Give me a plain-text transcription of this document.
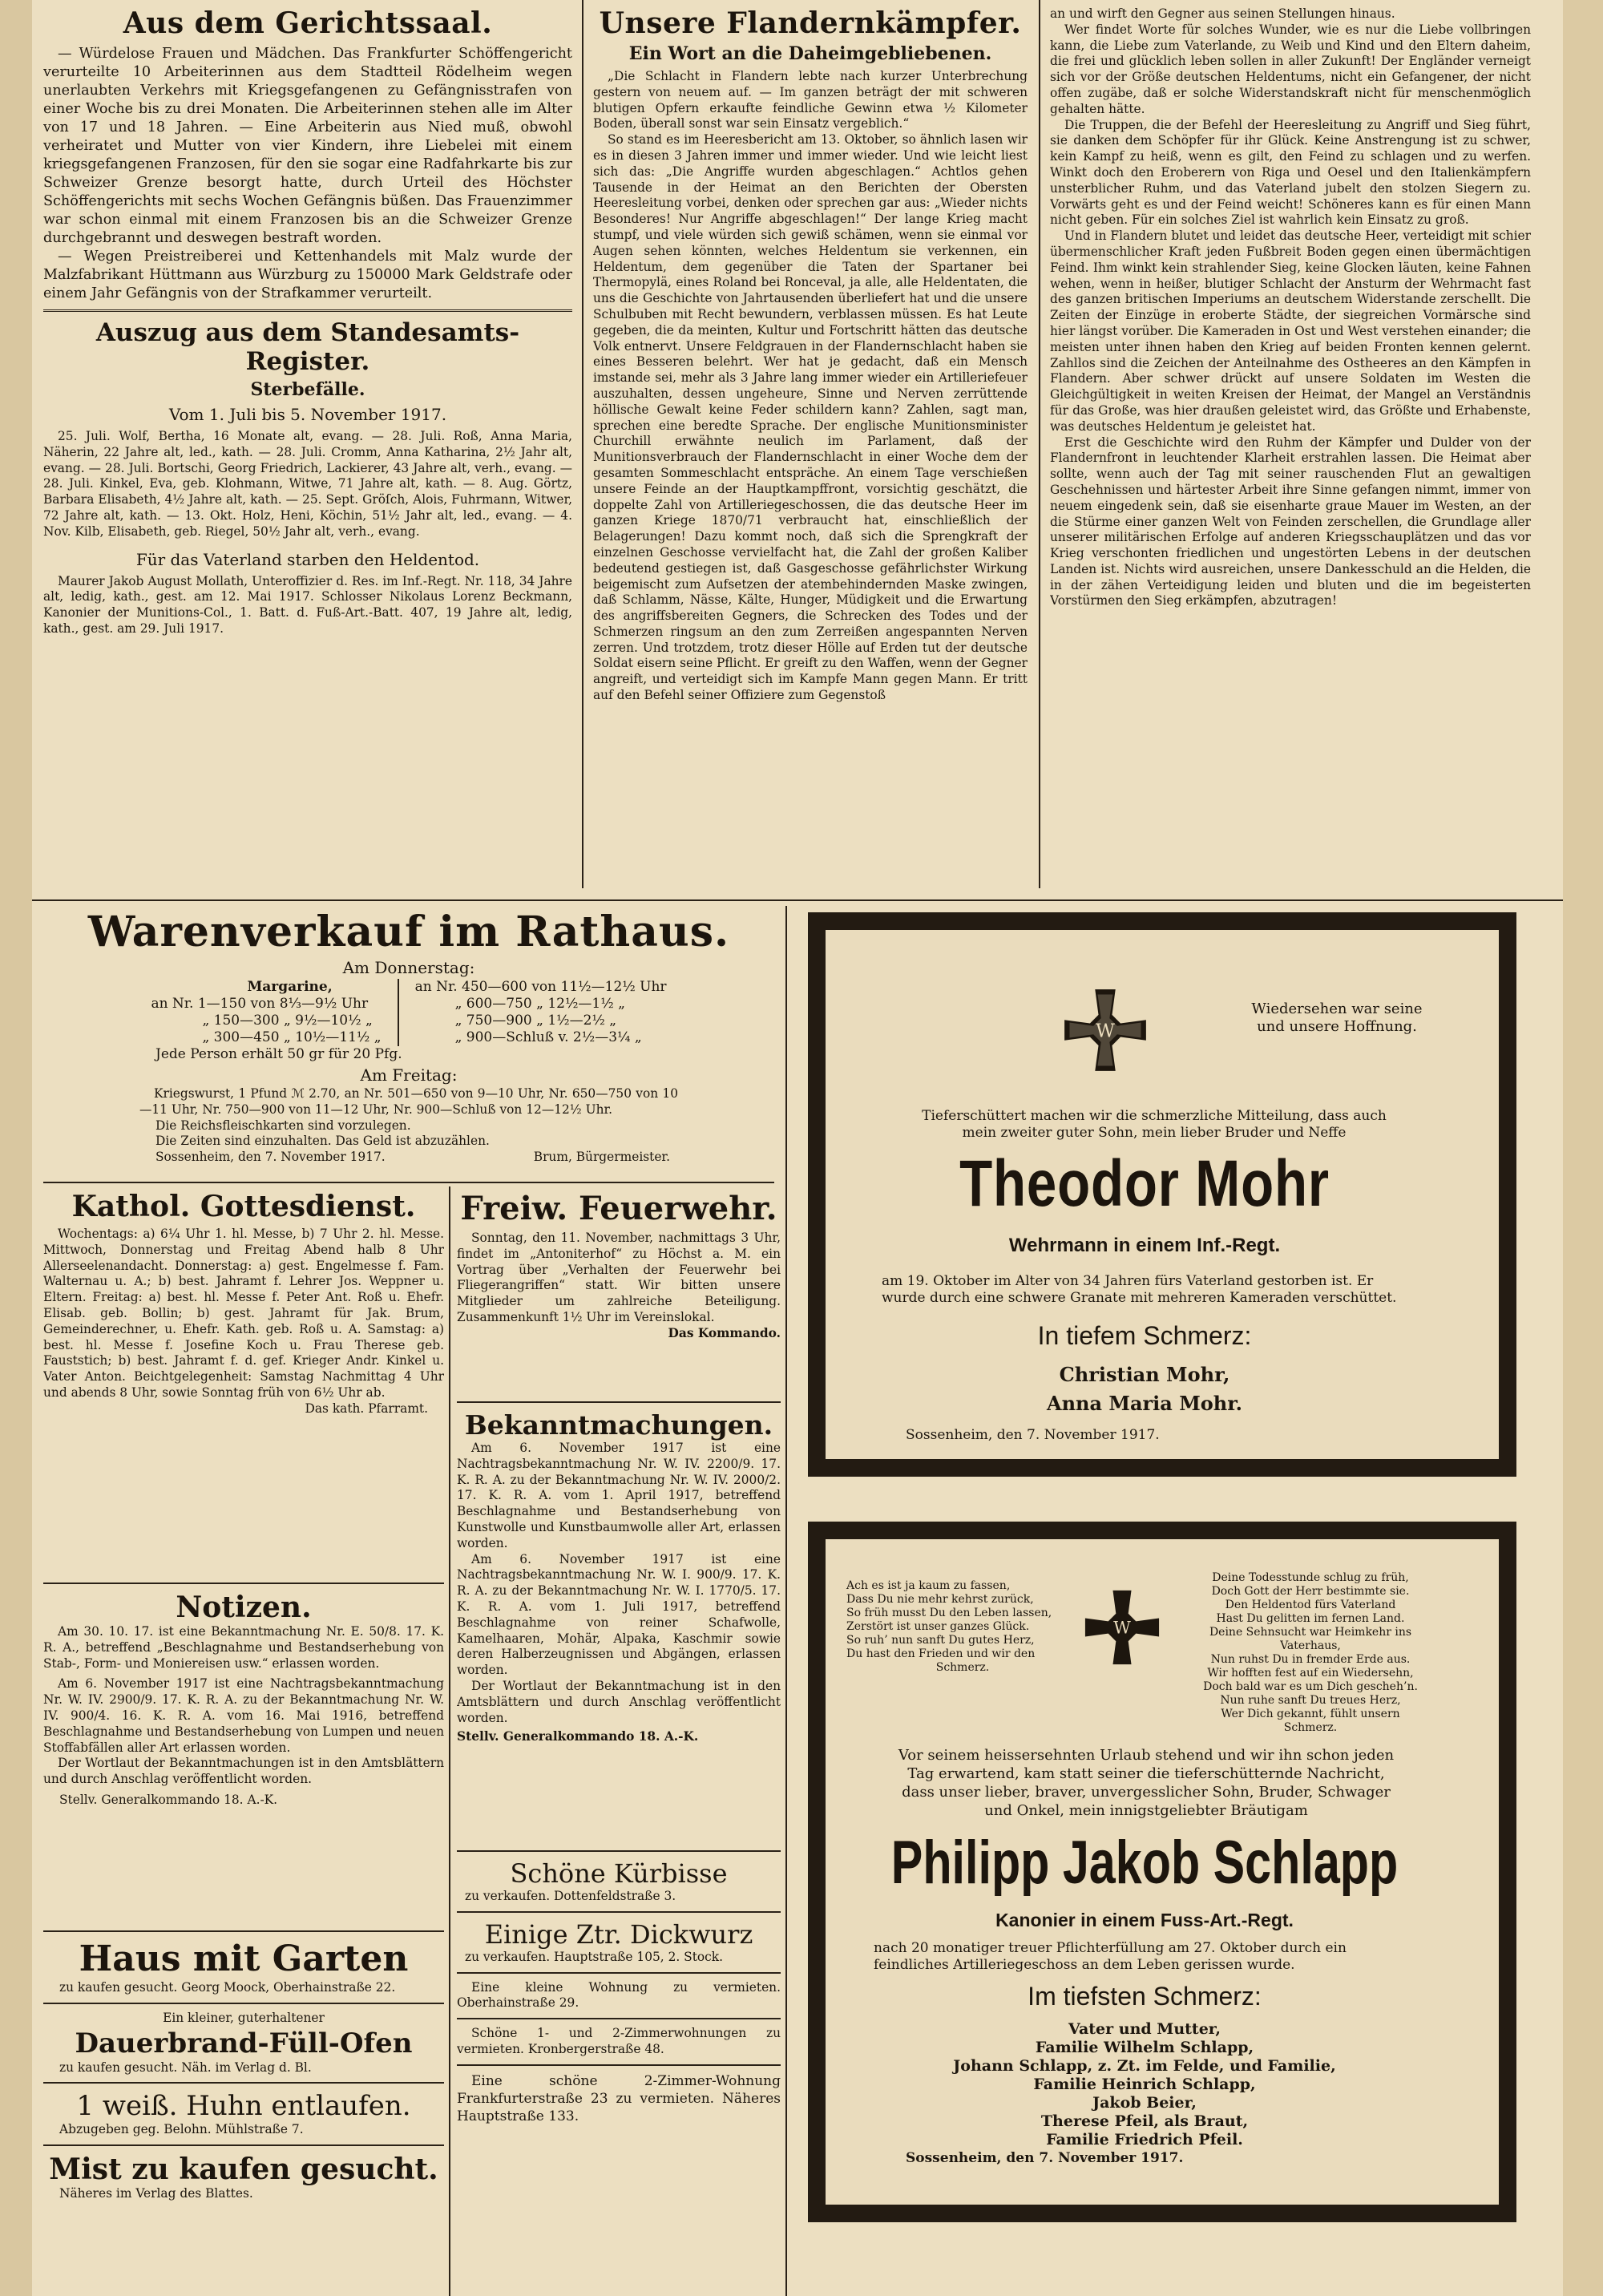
Aus dem Gerichtssaal.

— Würdelose Frauen und Mädchen. Das Frankfurter Schöffengericht verurteilte 10 Arbeiterinnen aus dem Stadtteil Rödelheim wegen unerlaubten Verkehrs mit Kriegsgefangenen zu Gefängnisstrafen von einer Woche bis zu drei Monaten. Die Arbeiterinnen stehen alle im Alter von 17 und 18 Jahren. — Eine Arbeiterin aus Nied muß, obwohl verheiratet und Mutter von vier Kindern, ihre Liebelei mit einem kriegsgefangenen Franzosen, für den sie sogar eine Radfahrkarte bis zur Schweizer Grenze besorgt hatte, durch Urteil des Höchster Schöffengerichts mit sechs Wochen Gefängnis büßen. Das Frauenzimmer war schon einmal mit einem Franzosen bis an die Schweizer Grenze durchgebrannt und deswegen bestraft worden.

— Wegen Preistreiberei und Kettenhandels mit Malz wurde der Malzfabrikant Hüttmann aus Würzburg zu 150000 Mark Geldstrafe oder einem Jahr Gefängnis von der Strafkammer verurteilt.

Auszug aus dem Standesamts-Register.
Sterbefälle.
Vom 1. Juli bis 5. November 1917.

25. Juli. Wolf, Bertha, 16 Monate alt, evang. — 28. Juli. Roß, Anna Maria, Näherin, 22 Jahre alt, led., kath. — 28. Juli. Cromm, Anna Katharina, 2½ Jahr alt, evang. — 28. Juli. Bortschi, Georg Friedrich, Lackierer, 43 Jahre alt, verh., evang. — 28. Juli. Kinkel, Eva, geb. Klohmann, Witwe, 71 Jahre alt, kath. — 8. Aug. Görtz, Barbara Elisabeth, 4½ Jahre alt, kath. — 25. Sept. Gröſch, Alois, Fuhrmann, Witwer, 72 Jahre alt, kath. — 13. Okt. Holz, Heni, Köchin, 51½ Jahr alt, led., evang. — 4. Nov. Kilb, Elisabeth, geb. Riegel, 50½ Jahr alt, verh., evang.

Für das Vaterland starben den Heldentod.

Maurer Jakob August Mollath, Unteroffizier d. Res. im Inf.-Regt. Nr. 118, 34 Jahre alt, ledig, kath., gest. am 12. Mai 1917. Schlosser Nikolaus Lorenz Beckmann, Kanonier der Munitions-Col., 1. Batt. d. Fuß-Art.-Batt. 407, 19 Jahre alt, ledig, kath., gest. am 29. Juli 1917.

Unsere Flandernkämpfer.
Ein Wort an die Daheimgebliebenen.

„Die Schlacht in Flandern lebte nach kurzer Unterbrechung gestern von neuem auf. — Im ganzen beträgt der mit schweren blutigen Opfern erkaufte feindliche Gewinn etwa ½ Kilometer Boden, überall sonst war sein Einsatz vergeblich.“

So stand es im Heeresbericht am 13. Oktober, so ähnlich lasen wir es in diesen 3 Jahren immer und immer wieder. Und wie leicht liest sich das: „Die Angriffe wurden abgeschlagen.“ Achtlos gehen Tausende in der Heimat an den Berichten der Obersten Heeresleitung vorbei, denken oder sprechen gar aus: „Wieder nichts Besonderes! Nur Angriffe abgeschlagen!“ Der lange Krieg macht stumpf, und viele würden sich gewiß schämen, wenn sie einmal vor Augen sehen könnten, welches Heldentum sie verkennen, ein Heldentum, dem gegenüber die Taten der Spartaner bei Thermopylä, eines Roland bei Ronceval, ja alle, alle Heldentaten, die uns die Geschichte von Jahrtausenden überliefert hat und die unsere Schulbuben mit Recht bewundern, verblassen müssen. Es hat Leute gegeben, die da meinten, Kultur und Fortschritt hätten das deutsche Volk entnervt. Unsere Feldgrauen in der Flandernschlacht haben sie eines Besseren belehrt. Wer hat je gedacht, daß ein Mensch imstande sei, mehr als 3 Jahre lang immer wieder ein Artilleriefeuer auszuhalten, dessen ungeheure, Sinne und Nerven zerrüttende höllische Gewalt keine Feder schildern kann? Zahlen, sagt man, sprechen eine beredte Sprache. Der englische Munitionsminister Churchill erwähnte neulich im Parlament, daß der Munitionsverbrauch der Flandernschlacht in einer Woche dem der gesamten Sommeschlacht entspräche. An einem Tage verschießen unsere Feinde an der Hauptkampffront, vorsichtig geschätzt, die doppelte Zahl von Artilleriegeschossen, die das deutsche Heer im ganzen Kriege 1870/71 verbraucht hat, einschließlich der Belagerungen! Dazu kommt noch, daß sich die Sprengkraft der einzelnen Geschosse vervielfacht hat, die Zahl der großen Kaliber bedeutend gestiegen ist, daß Gasgeschosse gefährlichster Wirkung beigemischt zum Aufsetzen der atembehindernden Maske zwingen, daß Schlamm, Nässe, Kälte, Hunger, Müdigkeit und die Erwartung des angriffsbereiten Gegners, die Schrecken des Todes und der Schmerzen ringsum an den zum Zerreißen angespannten Nerven zerren. Und trotzdem, trotz dieser Hölle auf Erden tut der deutsche Soldat eisern seine Pflicht. Er greift zu den Waffen, wenn der Gegner angreift, und verteidigt sich im Kampfe Mann gegen Mann. Er tritt auf den Befehl seiner Offiziere zum Gegenstoß

an und wirft den Gegner aus seinen Stellungen hinaus.

Wer findet Worte für solches Wunder, wie es nur die Liebe vollbringen kann, die Liebe zum Vaterlande, zu Weib und Kind und den Eltern daheim, die frei und glücklich leben sollen in aller Zukunft! Der Engländer verneigt sich vor der Größe deutschen Heldentums, nicht ein Gefangener, der nicht offen zugäbe, daß er solche Widerstandskraft nicht für menschenmöglich gehalten hätte.

Die Truppen, die der Befehl der Heeresleitung zu Angriff und Sieg führt, sie danken dem Schöpfer für ihr Glück. Keine Anstrengung ist zu schwer, kein Kampf zu heiß, wenn es gilt, den Feind zu schlagen und zu werfen. Winkt doch den Eroberern von Riga und Oesel und den Italienkämpfern unsterblicher Ruhm, und das Vaterland jubelt den stolzen Siegern zu. Vorwärts geht es und der Feind weicht! Schöneres kann es für einen Mann nicht geben. Für ein solches Ziel ist wahrlich kein Einsatz zu groß.

Und in Flandern blutet und leidet das deutsche Heer, verteidigt mit schier übermenschlicher Kraft jeden Fußbreit Boden gegen einen übermächtigen Feind. Ihm winkt kein strahlender Sieg, keine Glocken läuten, keine Fahnen wehen, wenn in heißer, blutiger Schlacht der Ansturm der Wehrmacht fast des ganzen britischen Imperiums an deutschem Widerstande zerschellt. Die Zeiten der Einzüge in eroberte Städte, der siegreichen Vormärsche sind hier längst vorüber. Die Kameraden in Ost und West verstehen einander; die meisten unter ihnen haben den Krieg auf beiden Fronten kennen gelernt. Zahllos sind die Zeichen der Anteilnahme des Ostheeres an den Kämpfen in Flandern. Aber schwer drückt auf unsere Soldaten im Westen die Gleichgültigkeit in weiten Kreisen der Heimat, der Mangel an Verständnis für das Große, was hier draußen geleistet wird, das Größte und Erhabenste, was deutsches Heldentum je geleistet hat.

Erst die Geschichte wird den Ruhm der Kämpfer und Dulder von der Flandernfront in leuchtender Klarheit erstrahlen lassen. Die Heimat aber sollte, wenn auch der Tag mit seiner rauschenden Flut an gewaltigen Geschehnissen und härtester Arbeit ihre Sinne gefangen nimmt, immer von neuem eingedenk sein, daß sie eisenharte graue Mauer im Westen, an der die Stürme einer ganzen Welt von Feinden zerschellen, die Grundlage aller unserer militärischen Erfolge auf anderen Kriegsschauplätzen und das vor Krieg verschonten friedlichen und ungestörten Lebens in der deutschen Landen ist. Nichts wird ausreichen, unsere Dankesschuld an die Helden, die in der zähen Verteidigung leiden und bluten und die im begeisterten Vorstürmen den Sieg erkämpfen, abzutragen!

Warenverkauf im Rathaus.
Am Donnerstag:
Margarine,
an Nr. 1—150 von 8⅓—9½ Uhr
„ 150—300 „ 9½—10½ „
„ 300—450 „ 10½—11½ „
an Nr. 450—600 von 11½—12½ Uhr
„ 600—750 „ 12½—1½ „
„ 750—900 „ 1½—2½ „
„ 900—Schluß v. 2½—3¼ „
Jede Person erhält 50 gr für 20 Pfg.
Am Freitag:

Kriegswurst, 1 Pfund ℳ 2.70, an Nr. 501—650 von 9—10 Uhr, Nr. 650—750 von 10—11 Uhr, Nr. 750—900 von 11—12 Uhr, Nr. 900—Schluß von 12—12½ Uhr.

Die Reichsfleischkarten sind vorzulegen.
Die Zeiten sind einzuhalten. Das Geld ist abzuzählen.
Sossenheim, den 7. November 1917.	Brum, Bürgermeister.
Kathol. Gottesdienst.

Wochentags: a) 6¼ Uhr 1. hl. Messe, b) 7 Uhr 2. hl. Messe. Mittwoch, Donnerstag und Freitag Abend halb 8 Uhr Allerseelenandacht. Donnerstag: a) gest. Engelmesse f. Fam. Walternau u. A.; b) best. Jahramt f. Lehrer Jos. Weppner u. Eltern. Freitag: a) best. hl. Messe f. Peter Ant. Roß u. Ehefr. Elisab. geb. Bollin; b) gest. Jahramt für Jak. Brum, Gemeinderechner, u. Ehefr. Kath. geb. Roß u. A. Samstag: a) best. hl. Messe f. Josefine Koch u. Frau Therese geb. Fauststich; b) best. Jahramt f. d. gef. Krieger Andr. Kinkel u. Vater Anton. Beichtgelegenheit: Samstag Nachmittag 4 Uhr und abends 8 Uhr, sowie Sonntag früh von 6½ Uhr ab.

Das kath. Pfarramt.
Notizen.

Am 30. 10. 17. ist eine Bekanntmachung Nr. E. 50/8. 17. K. R. A., betreffend „Beschlagnahme und Bestandserhebung von Stab-, Form- und Moniereisen usw.“ erlassen worden.

Am 6. November 1917 ist eine Nachtragsbekanntmachung Nr. W. IV. 2900/9. 17. K. R. A. zu der Bekanntmachung Nr. W. IV. 900/4. 16. K. R. A. vom 16. Mai 1916, betreffend Beschlagnahme und Bestandserhebung von Lumpen und neuen Stoffabfällen aller Art erlassen worden.

Der Wortlaut der Bekanntmachungen ist in den Amtsblättern und durch Anschlag veröffentlicht worden.

Stellv. Generalkommando 18. A.-K.
Haus mit Garten
zu kaufen gesucht. Georg Moock, Oberhainstraße 22.
Ein kleiner, guterhaltener
Dauerbrand-Füll-Ofen
zu kaufen gesucht. Näh. im Verlag d. Bl.
1 weiß. Huhn entlaufen.
Abzugeben geg. Belohn. Mühlstraße 7.
Mist zu kaufen gesucht.
Näheres im Verlag des Blattes.
Freiw. Feuerwehr.

Sonntag, den 11. November, nachmittags 3 Uhr, findet im „Antoniterhof“ zu Höchst a. M. ein Vortrag über „Verhalten der Feuerwehr bei Fliegerangriffen“ statt. Wir bitten unsere Mitglieder um zahlreiche Beteiligung. Zusammenkunft 1½ Uhr im Vereinslokal.

Das Kommando.
Bekanntmachungen.

Am 6. November 1917 ist eine Nachtragsbekanntmachung Nr. W. IV. 2200/9. 17. K. R. A. zu der Bekanntmachung Nr. W. IV. 2000/2. 17. K. R. A. vom 1. April 1917, betreffend Beschlagnahme und Bestandserhebung von Kunstwolle und Kunstbaumwolle aller Art, erlassen worden.

Am 6. November 1917 ist eine Nachtragsbekanntmachung Nr. W. I. 900/9. 17. K. R. A. zu der Bekanntmachung Nr. W. I. 1770/5. 17. K. R. A. vom 1. Juli 1917, betreffend Beschlagnahme von reiner Schafwolle, Kamelhaaren, Mohär, Alpaka, Kaschmir sowie deren Halberzeugnissen und Abgängen, erlassen worden.

Der Wortlaut der Bekanntmachung ist in den Amtsblättern und durch Anschlag veröffentlicht worden.

Stellv. Generalkommando 18. A.-K.
Schöne Kürbisse
zu verkaufen. Dottenfeldstraße 3.
Einige Ztr. Dickwurz
zu verkaufen. Hauptstraße 105, 2. Stock.

Eine kleine Wohnung zu vermieten. Oberhainstraße 29.

Schöne 1- und 2-Zimmerwohnungen zu vermieten. Kronbergerstraße 48.

Eine schöne 2-Zimmer-Wohnung Frankfurterstraße 23 zu vermieten. Näheres Hauptstraße 133.

W
Wiedersehen war seine und unsere Hoffnung.
Tieferschüttert machen wir die schmerzliche Mitteilung, dass auch mein zweiter guter Sohn, mein lieber Bruder und Neffe
Theodor Mohr
Wehrmann in einem Inf.-Regt.
am 19. Oktober im Alter von 34 Jahren fürs Vaterland gestorben ist. Er wurde durch eine schwere Granate mit mehreren Kameraden verschüttet.
In tiefem Schmerz:
Christian Mohr,
Anna Maria Mohr.
Sossenheim, den 7. November 1917.
Ach es ist ja kaum zu fassen,
Dass Du nie mehr kehrst zurück,
So früh musst Du den Leben lassen,
Zerstört ist unser ganzes Glück.
So ruh’ nun sanft Du gutes Herz,
Du hast den Frieden und wir den
Schmerz.
W
Deine Todesstunde schlug zu früh,
Doch Gott der Herr bestimmte sie.
Den Heldentod fürs Vaterland
Hast Du gelitten im fernen Land.
Deine Sehnsucht war Heimkehr ins
Vaterhaus,
Nun ruhst Du in fremder Erde aus.
Wir hofften fest auf ein Wiedersehn,
Doch bald war es um Dich gescheh’n.
Nun ruhe sanft Du treues Herz,
Wer Dich gekannt, fühlt unsern
Schmerz.
Vor seinem heissersehnten Urlaub stehend und wir ihn schon jeden Tag erwartend, kam statt seiner die tieferschütternde Nachricht, dass unser lieber, braver, unvergesslicher Sohn, Bruder, Schwager und Onkel, mein innigstgeliebter Bräutigam
Philipp Jakob Schlapp
Kanonier in einem Fuss-Art.-Regt.
nach 20 monatiger treuer Pflichterfüllung am 27. Oktober durch ein feindliches Artilleriegeschoss an dem Leben gerissen wurde.
Im tiefsten Schmerz:
Vater und Mutter,
Familie Wilhelm Schlapp,
Johann Schlapp, z. Zt. im Felde, und Familie,
Familie Heinrich Schlapp,
Jakob Beier,
Therese Pfeil, als Braut,
Familie Friedrich Pfeil.
Sossenheim, den 7. November 1917.
